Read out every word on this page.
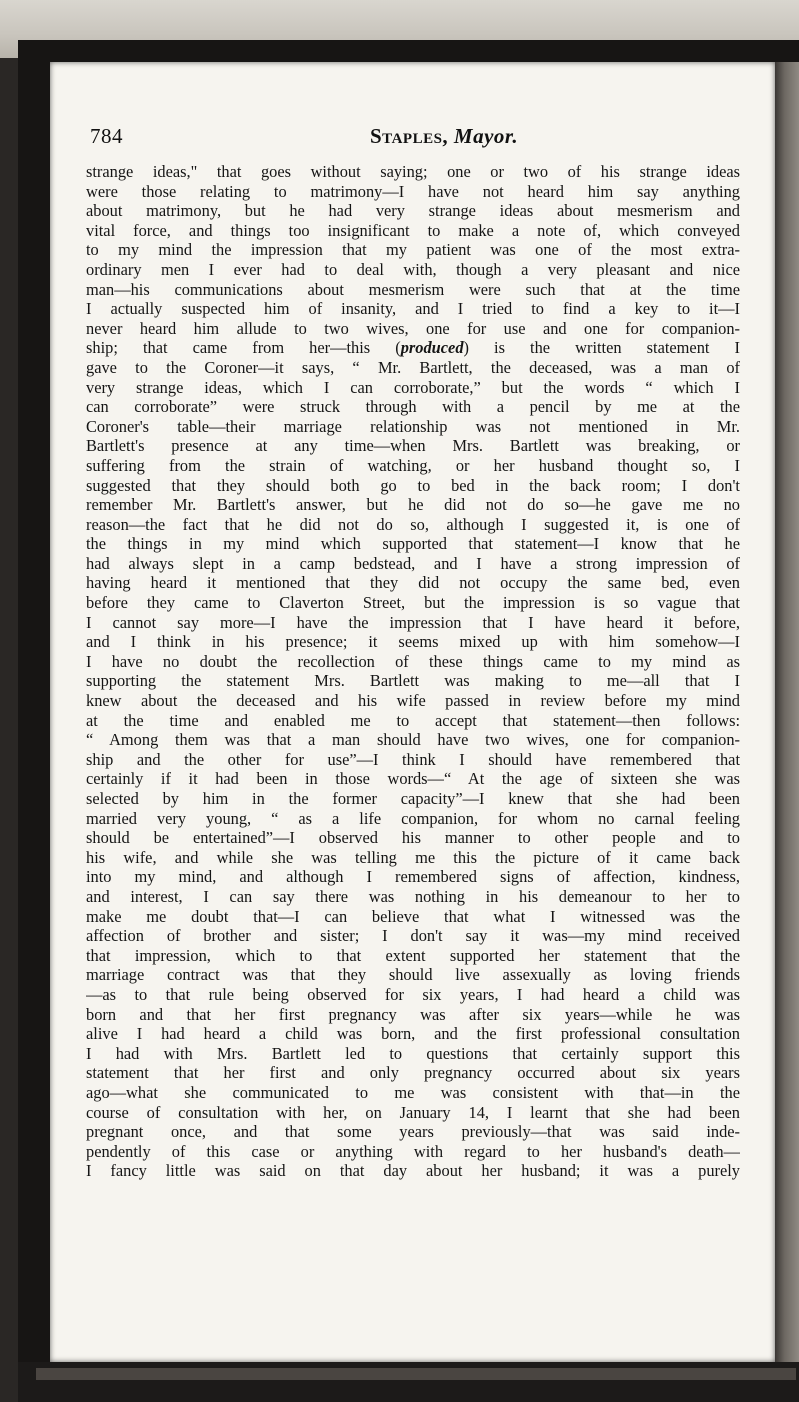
784	Staples, Mayor.
strange ideas," that goes without saying; one or two of his strange ideas
were those relating to matrimony—I have not heard him say anything
about matrimony, but he had very strange ideas about mesmerism and
vital force, and things too insignificant to make a note of, which conveyed
to my mind the impression that my patient was one of the most extra-
ordinary men I ever had to deal with, though a very pleasant and nice
man—his communications about mesmerism were such that at the time
I actually suspected him of insanity, and I tried to find a key to it—I
never heard him allude to two wives, one for use and one for companion-
ship; that came from her—this (produced) is the written statement I
gave to the Coroner—it says, “ Mr. Bartlett, the deceased, was a man of
very strange ideas, which I can corroborate,” but the words “ which I
can corroborate” were struck through with a pencil by me at the
Coroner's table—their marriage relationship was not mentioned in Mr.
Bartlett's presence at any time—when Mrs. Bartlett was breaking, or
suffering from the strain of watching, or her husband thought so, I
suggested that they should both go to bed in the back room; I don't
remember Mr. Bartlett's answer, but he did not do so—he gave me no
reason—the fact that he did not do so, although I suggested it, is one of
the things in my mind which supported that statement—I know that he
had always slept in a camp bedstead, and I have a strong impression of
having heard it mentioned that they did not occupy the same bed, even
before they came to Claverton Street, but the impression is so vague that
I cannot say more—I have the impression that I have heard it before,
and I think in his presence; it seems mixed up with him somehow—I
I have no doubt the recollection of these things came to my mind as
supporting the statement Mrs. Bartlett was making to me—all that I
knew about the deceased and his wife passed in review before my mind
at the time and enabled me to accept that statement—then follows:
“ Among them was that a man should have two wives, one for companion-
ship and the other for use”—I think I should have remembered that
certainly if it had been in those words—“ At the age of sixteen she was
selected by him in the former capacity”—I knew that she had been
married very young, “ as a life companion, for whom no carnal feeling
should be entertained”—I observed his manner to other people and to
his wife, and while she was telling me this the picture of it came back
into my mind, and although I remembered signs of affection, kindness,
and interest, I can say there was nothing in his demeanour to her to
make me doubt that—I can believe that what I witnessed was the
affection of brother and sister; I don't say it was—my mind received
that impression, which to that extent supported her statement that the
marriage contract was that they should live assexually as loving friends
—as to that rule being observed for six years, I had heard a child was
born and that her first pregnancy was after six years—while he was
alive I had heard a child was born, and the first professional consultation
I had with Mrs. Bartlett led to questions that certainly support this
statement that her first and only pregnancy occurred about six years
ago—what she communicated to me was consistent with that—in the
course of consultation with her, on January 14, I learnt that she had been
pregnant once, and that some years previously—that was said inde-
pendently of this case or anything with regard to her husband's death—
I fancy little was said on that day about her husband; it was a purely
